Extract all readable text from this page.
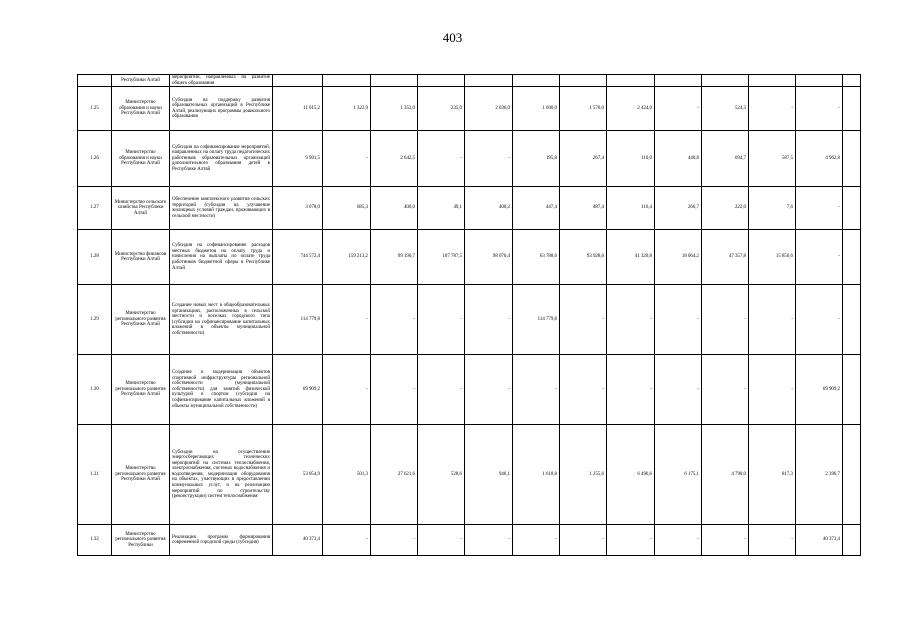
403
	Республики Алтай	мероприятий, направленных на развитие общего образования													
1.25	Министерство образования и науки Республики Алтай	Субсидия на поддержку развития образовательных организаций в Республике Алтай, реализующих программы дошкольного образования	11 015,2	1 322,9	1 353,0	235,0	2 036,0	1 600,0	1 570,0	2 424,0	-	524,3	-	-	
1.26	Министерство образования и науки Республики Алтай	Субсидия на софинансирование мероприятий, направленных на оплату труда педагогических работников образовательных организаций дополнительного образования детей в Республике Алтай	9 901,5	-	2 642,5	-	-	195,8	267,4	110,0	440,8	694,7	587,5	4 962,8	
1.27	Министерство сельского хозяйства Республики Алтай	Обеспечение комплексного развития сельских территорий (субсидия на улучшение жилищных условий граждан, проживающих в сельской местности)	3 078,0	685,3	400,0	49,1	400,2	447,4	487,4	116,4	266,7	222,0	7,6	-	
1.28	Министерство финансов Республики Алтай	Субсидия на софинансирование расходов местных бюджетов на оплату труда и начисления на выплаты по оплате труда работников бюджетной сферы в Республике Алтай	744 572,4	159 213,2	99 190,7	107 787,5	98 070,4	63 788,6	93 928,6	41 320,8	18 064,2	47 357,8	15 850,6	-	
1.29	Министерство регионального развития Республики Алтай	Создание новых мест в общеобразовательных организациях, расположенных в сельской местности и поселках городского типа (субсидии на софинансирование капитальных вложений в объекты муниципальной собственности)	114 779,8	-	-	-	-	114 779,8	-	-	-	-	-	-	
1.30	Министерство регионального развития Республики Алтай	Создание и модернизация объектов спортивной инфраструктуры региональной собственности (муниципальной собственности) для занятий физической культурой и спортом (субсидии на софинансирование капитальных вложений в объекты муниципальной собственности)	69 909,2	-	-	-	-	-	-	-	-	-	-	69 909,2	
1.31	Министерство регионального развития Республики Алтай	Субсидии на осуществление энергосберегающих технических мероприятий на системах теплоснабжения, электроснабжения, системах водоснабжения и водоотведения, модернизация оборудования на объектах, участвующих в предоставлении коммунальных услуг, и на реализацию мероприятий по строительству (реконструкции) систем теплоснабжения	53 054,9	501,3	27 621,6	528,6	946,1	1 618,8	1 255,6	6 496,6	6 175,1	4 790,0	817,3	2 396,7	
1.32	Министерство регионального развития Республики	Реализация программ формирования современной городской среды (субсидия)	40 373,4	-	-	-	-	-	-	-	-	-	-	40 373,4	
